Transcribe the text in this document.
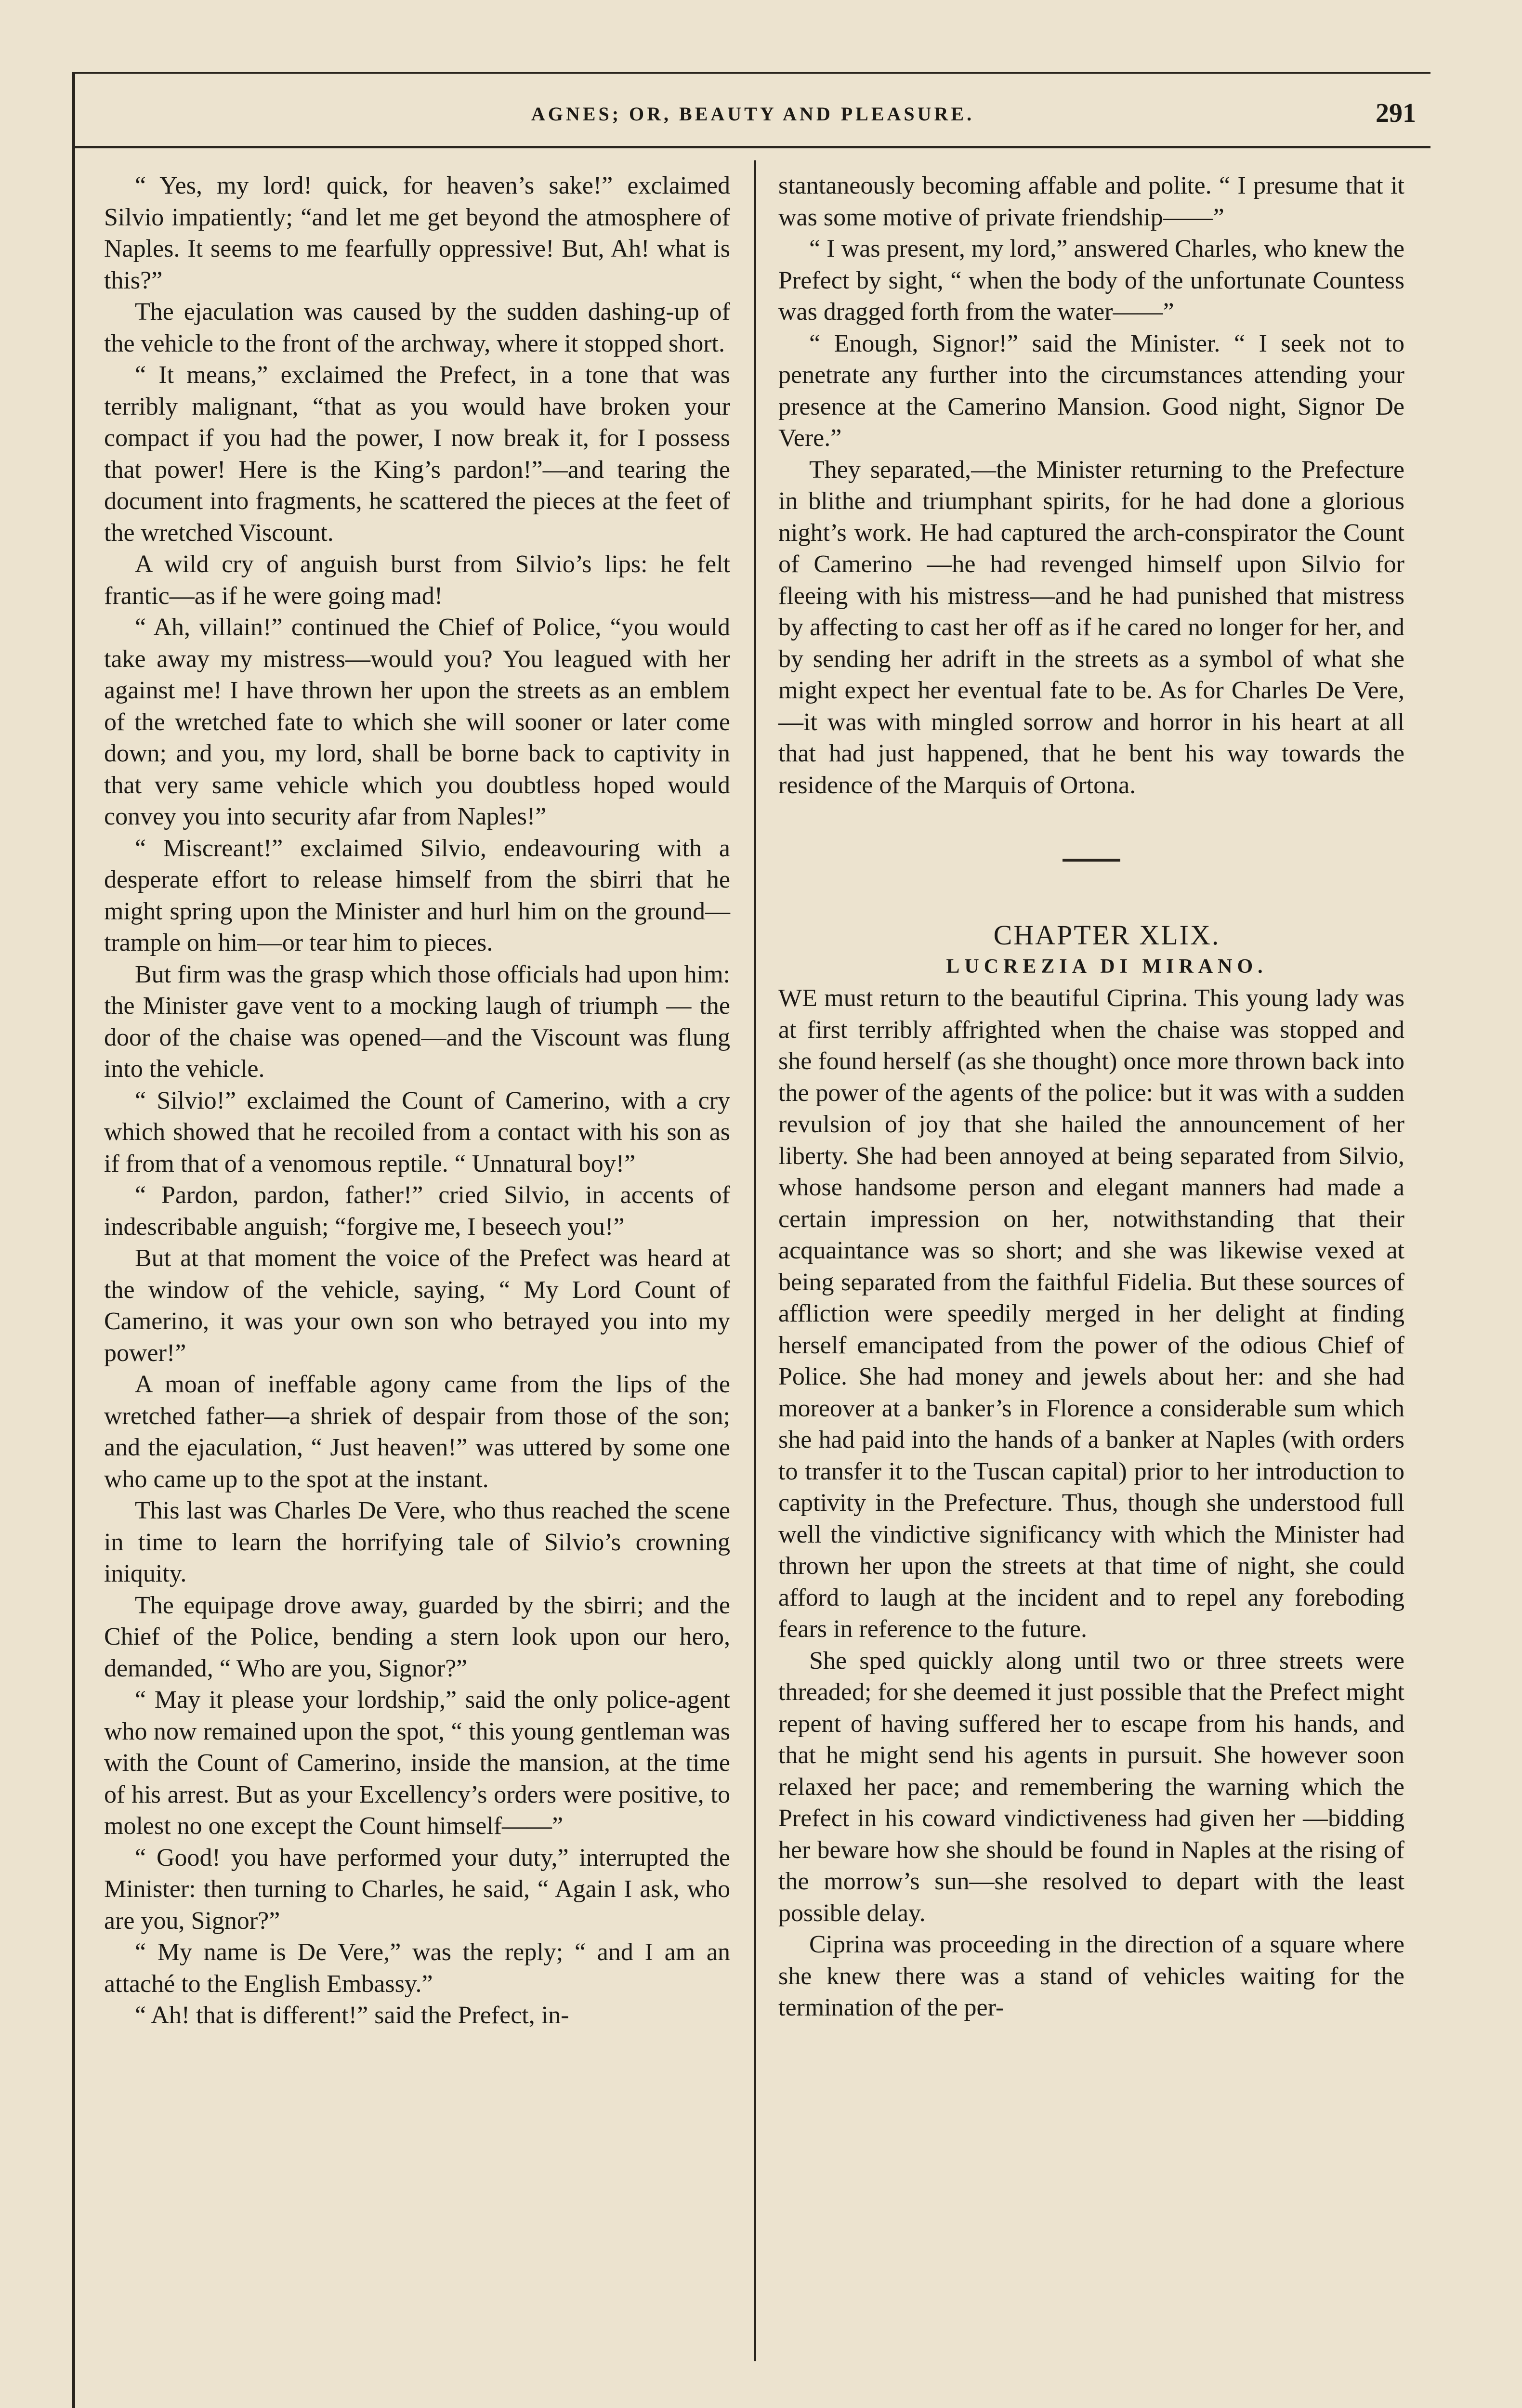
AGNES; OR, BEAUTY AND PLEASURE.	291

“ Yes, my lord! quick, for heaven’s sake!” exclaimed Silvio impatiently; “and let me get beyond the atmosphere of Naples. It seems to me fearfully oppressive! But, Ah! what is this?”

The ejaculation was caused by the sudden dashing-up of the vehicle to the front of the archway, where it stopped short.

“ It means,” exclaimed the Prefect, in a tone that was terribly malignant, “that as you would have broken your compact if you had the power, I now break it, for I possess that power! Here is the King’s pardon!”—and tearing the document into fragments, he scattered the pieces at the feet of the wretched Viscount.

A wild cry of anguish burst from Silvio’s lips: he felt frantic—as if he were going mad!

“ Ah, villain!” continued the Chief of Police, “you would take away my mistress—would you? You leagued with her against me! I have thrown her upon the streets as an emblem of the wretched fate to which she will sooner or later come down; and you, my lord, shall be borne back to captivity in that very same vehicle which you doubtless hoped would convey you into security afar from Naples!”

“ Miscreant!” exclaimed Silvio, endeavouring with a desperate effort to release himself from the sbirri that he might spring upon the Minister and hurl him on the ground—trample on him—or tear him to pieces.

But firm was the grasp which those officials had upon him: the Minister gave vent to a mocking laugh of triumph — the door of the chaise was opened—and the Viscount was flung into the vehicle.

“ Silvio!” exclaimed the Count of Camerino, with a cry which showed that he recoiled from a contact with his son as if from that of a venomous reptile. “ Unnatural boy!”

“ Pardon, pardon, father!” cried Silvio, in accents of indescribable anguish; “forgive me, I beseech you!”

But at that moment the voice of the Prefect was heard at the window of the vehicle, saying, “ My Lord Count of Camerino, it was your own son who betrayed you into my power!”

A moan of ineffable agony came from the lips of the wretched father—a shriek of despair from those of the son; and the ejaculation, “ Just heaven!” was uttered by some one who came up to the spot at the instant.

This last was Charles De Vere, who thus reached the scene in time to learn the horrifying tale of Silvio’s crowning iniquity.

The equipage drove away, guarded by the sbirri; and the Chief of the Police, bending a stern look upon our hero, demanded, “ Who are you, Signor?”

“ May it please your lordship,” said the only police-agent who now remained upon the spot, “ this young gentleman was with the Count of Camerino, inside the mansion, at the time of his arrest. But as your Excellency’s orders were positive, to molest no one except the Count himself——”

“ Good! you have performed your duty,” interrupted the Minister: then turning to Charles, he said, “ Again I ask, who are you, Signor?”

“ My name is De Vere,” was the reply; “ and I am an attaché to the English Embassy.”

“ Ah! that is different!” said the Prefect, in-

stantaneously becoming affable and polite. “ I presume that it was some motive of private friendship——”

“ I was present, my lord,” answered Charles, who knew the Prefect by sight, “ when the body of the unfortunate Countess was dragged forth from the water——”

“ Enough, Signor!” said the Minister. “ I seek not to penetrate any further into the circumstances attending your presence at the Camerino Mansion. Good night, Signor De Vere.”

They separated,—the Minister returning to the Prefecture in blithe and triumphant spirits, for he had done a glorious night’s work. He had captured the arch-conspirator the Count of Camerino —he had revenged himself upon Silvio for fleeing with his mistress—and he had punished that mistress by affecting to cast her off as if he cared no longer for her, and by sending her adrift in the streets as a symbol of what she might expect her eventual fate to be. As for Charles De Vere,—it was with mingled sorrow and horror in his heart at all that had just happened, that he bent his way towards the residence of the Marquis of Ortona.

CHAPTER XLIX.

LUCREZIA DI MIRANO.

WE must return to the beautiful Ciprina. This young lady was at first terribly affrighted when the chaise was stopped and she found herself (as she thought) once more thrown back into the power of the agents of the police: but it was with a sudden revulsion of joy that she hailed the announcement of her liberty. She had been annoyed at being separated from Silvio, whose handsome person and elegant manners had made a certain impression on her, notwithstanding that their acquaintance was so short; and she was likewise vexed at being separated from the faithful Fidelia. But these sources of affliction were speedily merged in her delight at finding herself emancipated from the power of the odious Chief of Police. She had money and jewels about her: and she had moreover at a banker’s in Florence a considerable sum which she had paid into the hands of a banker at Naples (with orders to transfer it to the Tuscan capital) prior to her introduction to captivity in the Prefecture. Thus, though she understood full well the vindictive significancy with which the Minister had thrown her upon the streets at that time of night, she could afford to laugh at the incident and to repel any foreboding fears in reference to the future.

She sped quickly along until two or three streets were threaded; for she deemed it just possible that the Prefect might repent of having suffered her to escape from his hands, and that he might send his agents in pursuit. She however soon relaxed her pace; and remembering the warning which the Prefect in his coward vindictiveness had given her —bidding her beware how she should be found in Naples at the rising of the morrow’s sun—she resolved to depart with the least possible delay.

Ciprina was proceeding in the direction of a square where she knew there was a stand of vehicles waiting for the termination of the per-
